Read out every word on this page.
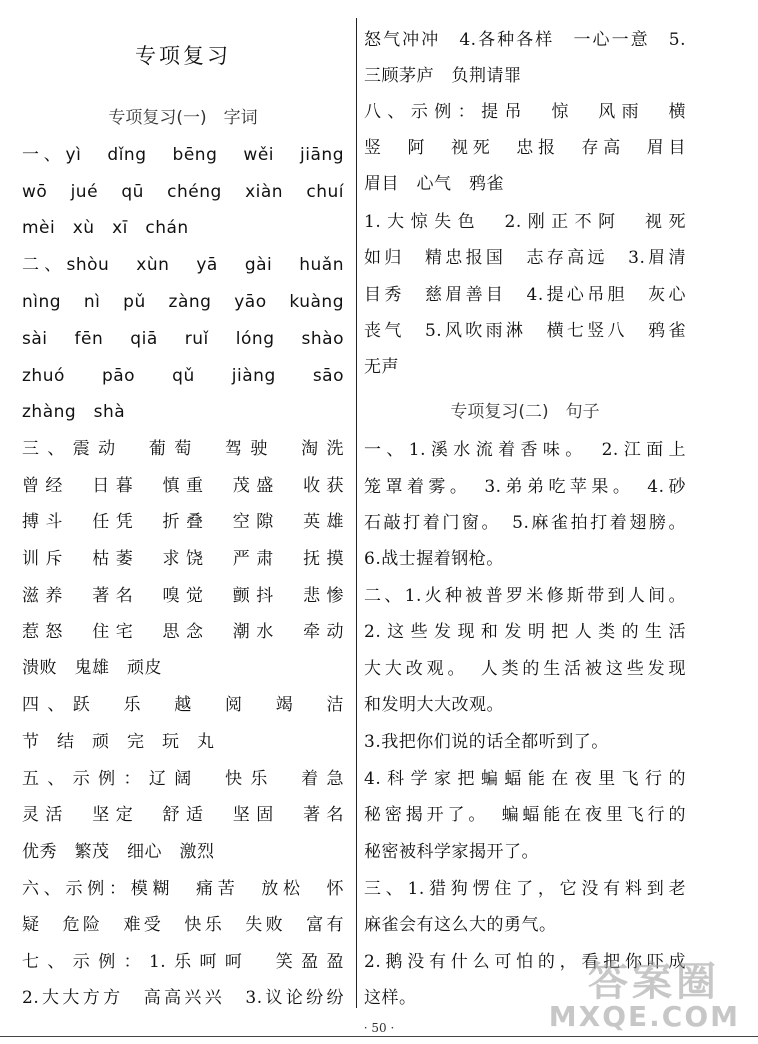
专项复习
专项复习(一)　字词
一、yì　dǐng　bēng　wěi　jiāng
wō　jué　qū　chéng　xiàn　chuí
mèi　xù　xī　chán
二、shòu　xùn　yā　gài　huǎn
nìng　nì　pǔ　zàng　yāo　kuàng
sài　fēn　qiā　ruǐ　lóng　shào
zhuó　pāo　qǔ　jiàng　sāo
zhàng　shà
三、震动　葡萄　驾驶　淘洗
曾经　日暮　慎重　茂盛　收获
搏斗　任凭　折叠　空隙　英雄
训斥　枯萎　求饶　严肃　抚摸
滋养　著名　嗅觉　颤抖　悲惨
惹怒　住宅　思念　潮水　牵动
溃败　鬼雄　顽皮
四、跃　乐　越　阅　竭　洁
节　结　顽　完　玩　丸
五、示例：辽阔　快乐　着急
灵活　坚定　舒适　坚固　著名
优秀　繁茂　细心　激烈
六、示例：模糊　痛苦　放松　怀
疑　危险　难受　快乐　失败　富有
七、示例：1.乐呵呵　笑盈盈
2.大大方方　高高兴兴　3.议论纷纷
怒气冲冲　4.各种各样　一心一意　5.
三顾茅庐　负荆请罪
八、示例：提吊　惊　风雨　横
竖　阿　视死　忠报　存高　眉目
眉目　心气　鸦雀
1.大惊失色　2.刚正不阿　视死
如归　精忠报国　志存高远　3.眉清
目秀　慈眉善目　4.提心吊胆　灰心
丧气　5.风吹雨淋　横七竖八　鸦雀
无声
专项复习(二)　句子
一、1.溪水流着香味。　2.江面上
笼罩着雾。　3.弟弟吃苹果。　4.砂
石敲打着门窗。　5.麻雀拍打着翅膀。
6.战士握着钢枪。
二、1.火种被普罗米修斯带到人间。
2.这些发现和发明把人类的生活
大大改观。　人类的生活被这些发现
和发明大大改观。
3.我把你们说的话全都听到了。
4.科学家把蝙蝠能在夜里飞行的
秘密揭开了。　蝙蝠能在夜里飞行的
秘密被科学家揭开了。
三、1.猎狗愣住了，它没有料到老
麻雀会有这么大的勇气。
2.鹅没有什么可怕的，看把你吓成
这样。
· 50 ·
答案圈
MXQE.COM
